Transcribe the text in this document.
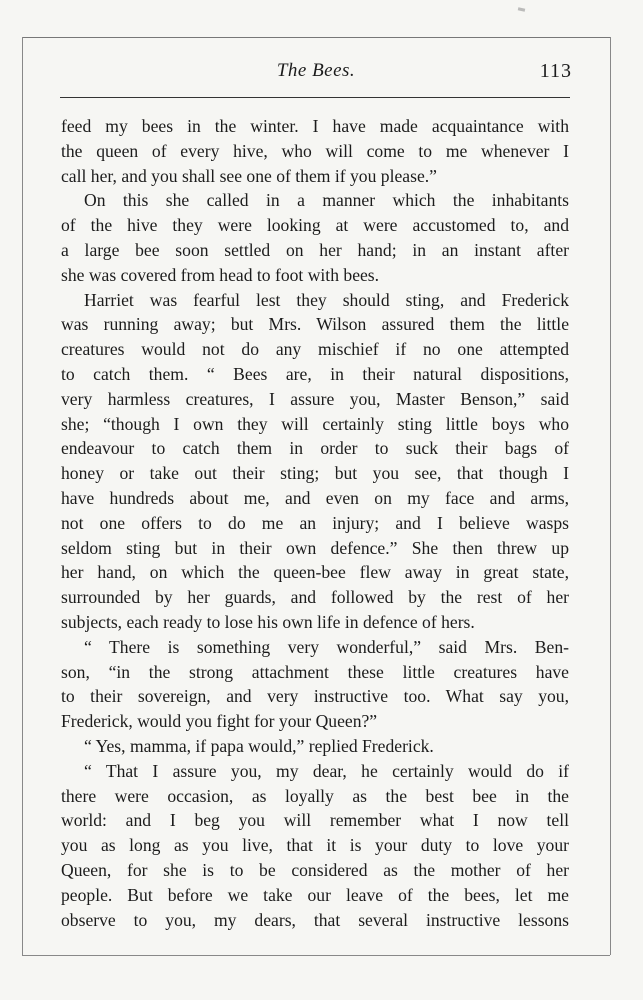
The Bees.	113
feed my bees in the winter. I have made acquaintance with
the queen of every hive, who will come to me whenever I
call her, and you shall see one of them if you please.”
On this she called in a manner which the inhabitants
of the hive they were looking at were accustomed to, and
a large bee soon settled on her hand; in an instant after
she was covered from head to foot with bees.
Harriet was fearful lest they should sting, and Frederick
was running away; but Mrs. Wilson assured them the little
creatures would not do any mischief if no one attempted
to catch them. “ Bees are, in their natural dispositions,
very harmless creatures, I assure you, Master Benson,” said
she; “though I own they will certainly sting little boys who
endeavour to catch them in order to suck their bags of
honey or take out their sting; but you see, that though I
have hundreds about me, and even on my face and arms,
not one offers to do me an injury; and I believe wasps
seldom sting but in their own defence.” She then threw up
her hand, on which the queen-bee flew away in great state,
surrounded by her guards, and followed by the rest of her
subjects, each ready to lose his own life in defence of hers.
“ There is something very wonderful,” said Mrs. Ben-
son, “in the strong attachment these little creatures have
to their sovereign, and very instructive too. What say you,
Frederick, would you fight for your Queen?”
“ Yes, mamma, if papa would,” replied Frederick.
“ That I assure you, my dear, he certainly would do if
there were occasion, as loyally as the best bee in the
world: and I beg you will remember what I now tell
you as long as you live, that it is your duty to love your
Queen, for she is to be considered as the mother of her
people. But before we take our leave of the bees, let me
observe to you, my dears, that several instructive lessons
